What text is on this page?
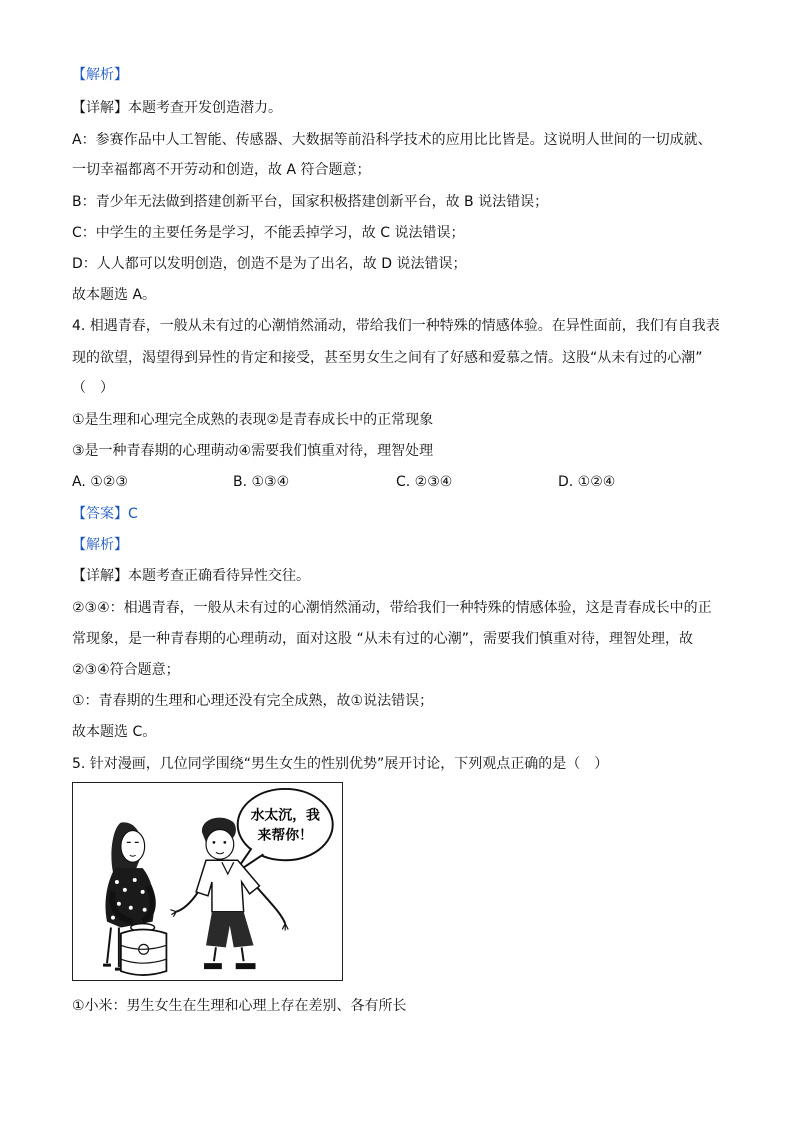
【解析】
【详解】本题考查开发创造潜力。
A：参赛作品中人工智能、传感器、大数据等前沿科学技术的应用比比皆是。这说明人世间的一切成就、
一切幸福都离不开劳动和创造，故 A 符合题意；
B：青少年无法做到搭建创新平台，国家积极搭建创新平台，故 B 说法错误；
C：中学生的主要任务是学习，不能丢掉学习，故 C 说法错误；
D：人人都可以发明创造，创造不是为了出名，故 D 说法错误；
故本题选 A。
4. 相遇青春，一般从未有过的心潮悄然涌动，带给我们一种特殊的情感体验。在异性面前，我们有自我表
现的欲望，渴望得到异性的肯定和接受，甚至男女生之间有了好感和爱慕之情。这股“从未有过的心潮”
（　）
①是生理和心理完全成熟的表现②是青春成长中的正常现象
③是一种青春期的心理萌动④需要我们慎重对待，理智处理
A. ①②③	B. ①③④	C. ②③④	D. ①②④
【答案】C
【解析】
【详解】本题考查正确看待异性交往。
②③④：相遇青春，一般从未有过的心潮悄然涌动，带给我们一种特殊的情感体验，这是青春成长中的正
常现象，是一种青春期的心理萌动，面对这股 “从未有过的心潮”，需要我们慎重对待，理智处理，故
②③④符合题意；
①：青春期的生理和心理还没有完全成熟，故①说法错误；
故本题选 C。
5. 针对漫画，几位同学围绕“男生女生的性别优势”展开讨论，下列观点正确的是（　）
水太沉，我
来帮你！
①小米：男生女生在生理和心理上存在差别、各有所长
